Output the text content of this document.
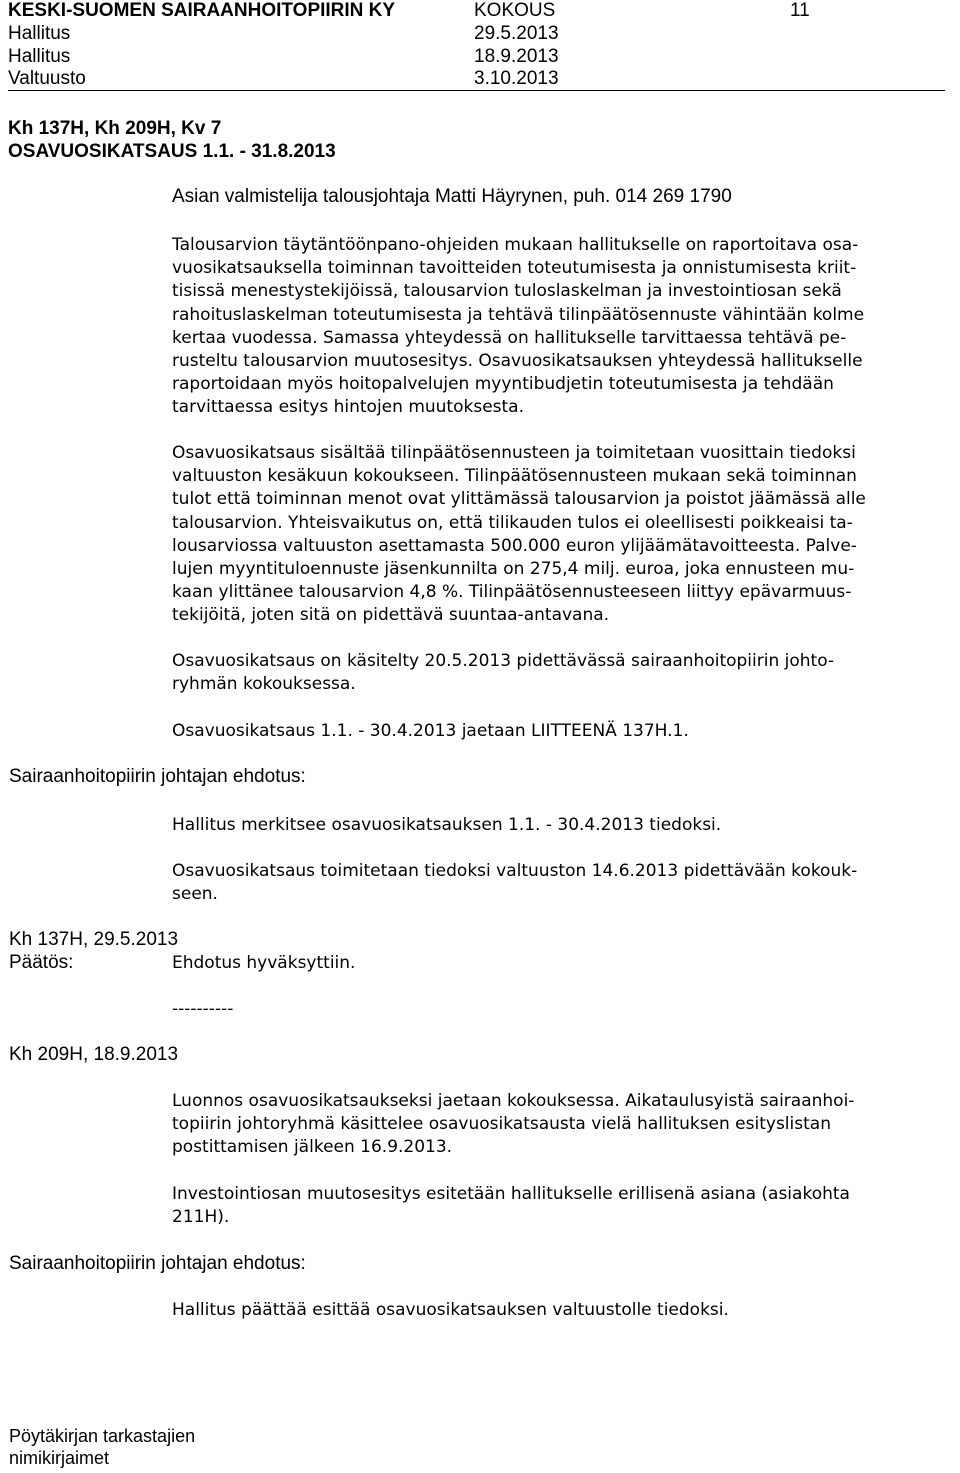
KESKI-SUOMEN SAIRAANHOITOPIIRIN KY	KOKOUS	11
Hallitus	29.5.2013
Hallitus	18.9.2013
Valtuusto	3.10.2013
Kh 137H, Kh 209H, Kv 7
OSAVUOSIKATSAUS 1.1. - 31.8.2013
Asian valmistelija talousjohtaja Matti Häyrynen, puh. 014 269 1790
Talousarvion täytäntöönpano-ohjeiden mukaan hallitukselle on raportoitava osa-
vuosikatsauksella toiminnan tavoitteiden toteutumisesta ja onnistumisesta kriit-
tisissä menestystekijöissä, talousarvion tuloslaskelman ja investointiosan sekä
rahoituslaskelman toteutumisesta ja tehtävä tilinpäätösennuste vähintään kolme
kertaa vuodessa. Samassa yhteydessä on hallitukselle tarvittaessa tehtävä pe-
rusteltu talousarvion muutosesitys. Osavuosikatsauksen yhteydessä hallitukselle
raportoidaan myös hoitopalvelujen myyntibudjetin toteutumisesta ja tehdään
tarvittaessa esitys hintojen muutoksesta.
Osavuosikatsaus sisältää tilinpäätösennusteen ja toimitetaan vuosittain tiedoksi
valtuuston kesäkuun kokoukseen. Tilinpäätösennusteen mukaan sekä toiminnan
tulot että toiminnan menot ovat ylittämässä talousarvion ja poistot jäämässä alle
talousarvion. Yhteisvaikutus on, että tilikauden tulos ei oleellisesti poikkeaisi ta-
lousarviossa valtuuston asettamasta 500.000 euron ylijäämätavoitteesta. Palve-
lujen myyntituloennuste jäsenkunnilta on 275,4 milj. euroa, joka ennusteen mu-
kaan ylittänee talousarvion 4,8 %. Tilinpäätösennusteeseen liittyy epävarmuus-
tekijöitä, joten sitä on pidettävä suuntaa-antavana.
Osavuosikatsaus on käsitelty 20.5.2013 pidettävässä sairaanhoitopiirin johto-
ryhmän kokouksessa.
Osavuosikatsaus 1.1. - 30.4.2013 jaetaan LIITTEENÄ 137H.1.
Sairaanhoitopiirin johtajan ehdotus:
Hallitus merkitsee osavuosikatsauksen 1.1. - 30.4.2013 tiedoksi.
Osavuosikatsaus toimitetaan tiedoksi valtuuston 14.6.2013 pidettävään kokouk-
seen.
Kh 137H, 29.5.2013
Päätös:	Ehdotus hyväksyttiin.
----------
Kh 209H, 18.9.2013
Luonnos osavuosikatsaukseksi jaetaan kokouksessa. Aikataulusyistä sairaanhoi-
topiirin johtoryhmä käsittelee osavuosikatsausta vielä hallituksen esityslistan
postittamisen jälkeen 16.9.2013.
Investointiosan muutosesitys esitetään hallitukselle erillisenä asiana (asiakohta
211H).
Sairaanhoitopiirin johtajan ehdotus:
Hallitus päättää esittää osavuosikatsauksen valtuustolle tiedoksi.
Pöytäkirjan tarkastajien
nimikirjaimet
